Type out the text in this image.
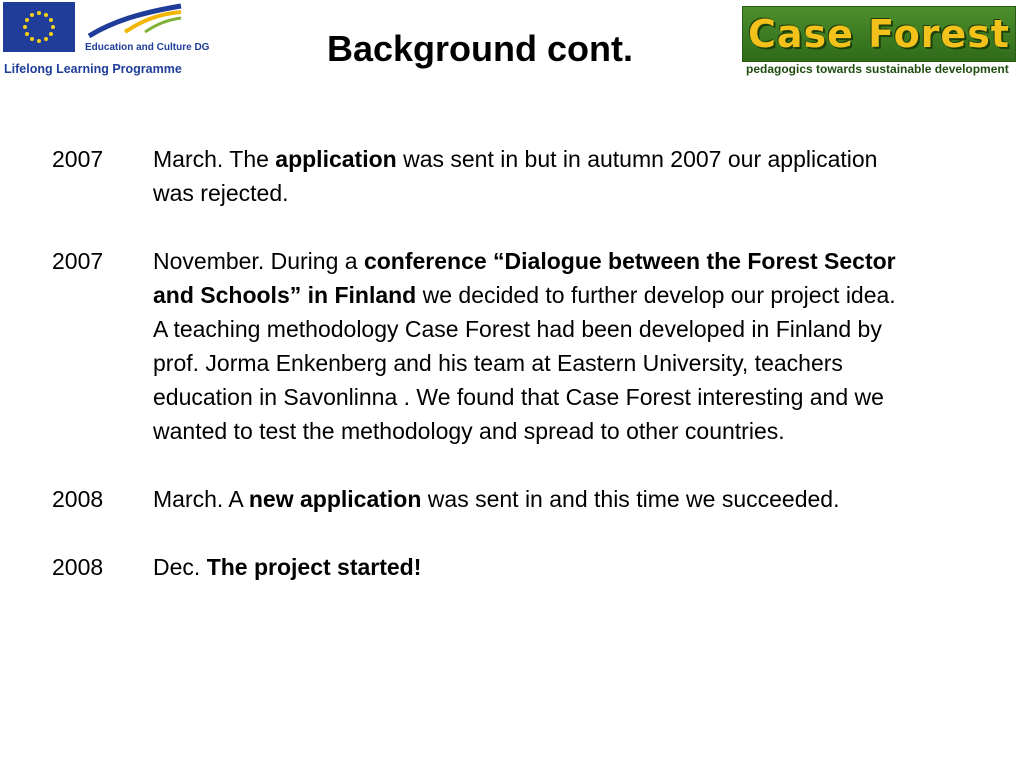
Education and Culture DG
Lifelong Learning Programme	Background cont.	Case Forest
pedagogics towards sustainable development
2007 March. The application was sent in but in autumn 2007 our application was rejected.

2007 November. During a conference “Dialogue between the Forest Sector and Schools” in Finland we decided to further develop our project idea.

A teaching methodology Case Forest had been developed in Finland by prof. Jorma Enkenberg and his team at Eastern University, teachers education in Savonlinna . We found that Case Forest interesting and we wanted to test the methodology and spread to other countries.

2008 March. A new application was sent in and this time we succeeded.

2008 Dec. The project started!
